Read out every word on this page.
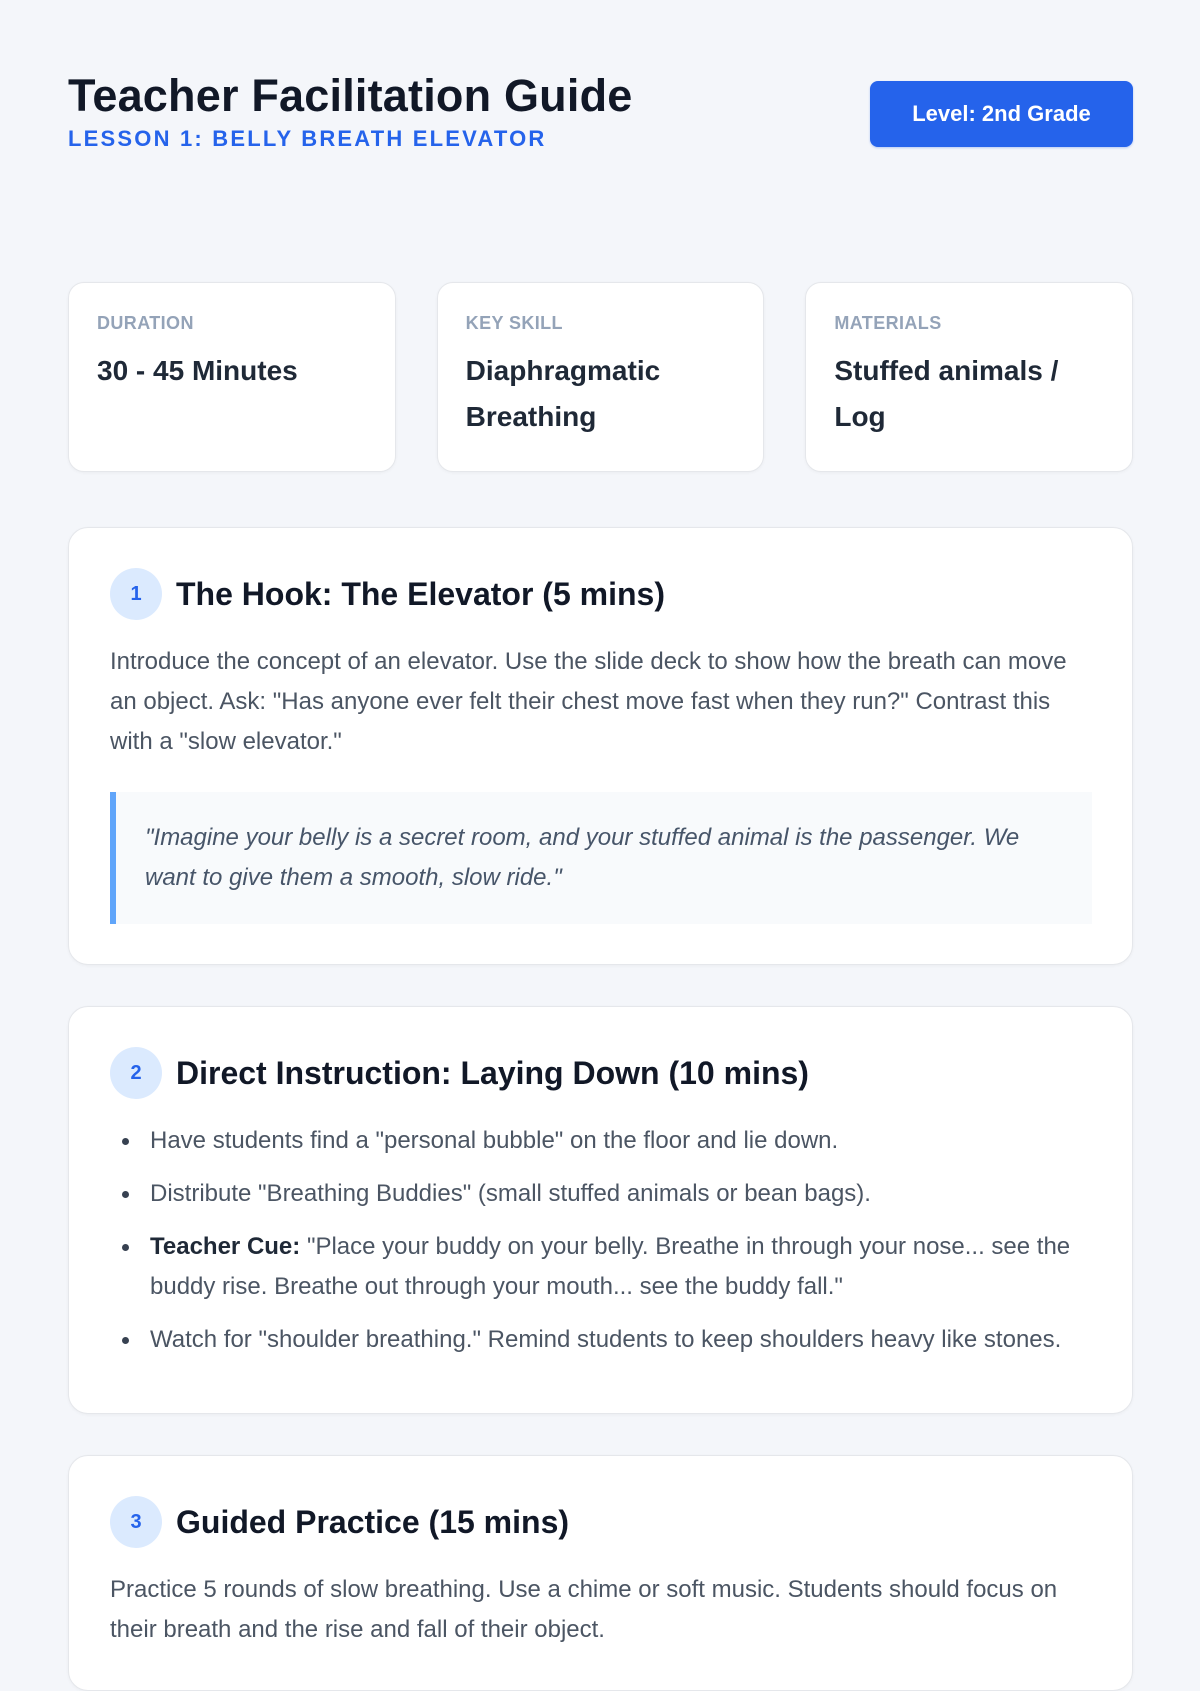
Teacher Facilitation Guide
LESSON 1: BELLY BREATH ELEVATOR
Level: 2nd Grade
DURATION
30 - 45 Minutes
KEY SKILL
Diaphragmatic Breathing
MATERIALS
Stuffed animals / Log
1	The Hook: The Elevator (5 mins)

Introduce the concept of an elevator. Use the slide deck to show how the breath can move an object. Ask: "Has anyone ever felt their chest move fast when they run?" Contrast this with a "slow elevator."

"Imagine your belly is a secret room, and your stuffed animal is the passenger. We want to give them a smooth, slow ride."
2	Direct Instruction: Laying Down (10 mins)
Have students find a "personal bubble" on the floor and lie down.
Distribute "Breathing Buddies" (small stuffed animals or bean bags).
Teacher Cue: "Place your buddy on your belly. Breathe in through your nose... see the buddy rise. Breathe out through your mouth... see the buddy fall."
Watch for "shoulder breathing." Remind students to keep shoulders heavy like stones.
3	Guided Practice (15 mins)

Practice 5 rounds of slow breathing. Use a chime or soft music. Students should focus on their breath and the rise and fall of their object.
